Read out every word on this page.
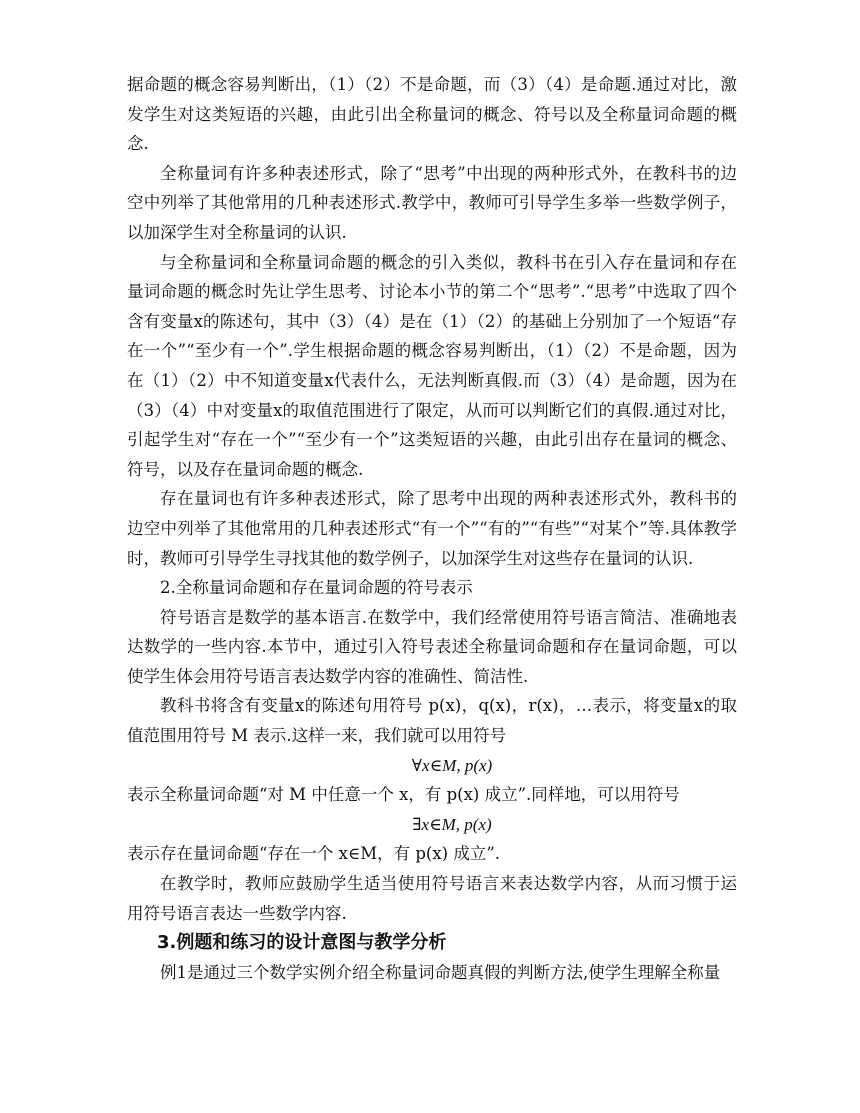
据命题的概念容易判断出，（1）（2）不是命题，而（3）（4）是命题.通过对比，激发学生对这类短语的兴趣，由此引出全称量词的概念、符号以及全称量词命题的概念.

全称量词有许多种表述形式，除了“思考”中出现的两种形式外，在教科书的边空中列举了其他常用的几种表述形式.教学中，教师可引导学生多举一些数学例子，以加深学生对全称量词的认识.

与全称量词和全称量词命题的概念的引入类似，教科书在引入存在量词和存在量词命题的概念时先让学生思考、讨论本小节的第二个“思考”.“思考”中选取了四个含有变量x的陈述句，其中（3）（4）是在（1）（2）的基础上分别加了一个短语“存在一个”“至少有一个”.学生根据命题的概念容易判断出，（1）（2）不是命题，因为在（1）（2）中不知道变量x代表什么，无法判断真假.而（3）（4）是命题，因为在（3）（4）中对变量x的取值范围进行了限定，从而可以判断它们的真假.通过对比，引起学生对“存在一个”“至少有一个”这类短语的兴趣，由此引出存在量词的概念、符号，以及存在量词命题的概念.

存在量词也有许多种表述形式，除了思考中出现的两种表述形式外，教科书的边空中列举了其他常用的几种表述形式“有一个”“有的”“有些”“对某个”等.具体教学时，教师可引导学生寻找其他的数学例子，以加深学生对这些存在量词的认识.

2.全称量词命题和存在量词命题的符号表示

符号语言是数学的基本语言.在数学中，我们经常使用符号语言简洁、准确地表达数学的一些内容.本节中，通过引入符号表述全称量词命题和存在量词命题，可以使学生体会用符号语言表达数学内容的准确性、简洁性.

教科书将含有变量x的陈述句用符号 p(x)，q(x)，r(x)，…表示，将变量x的取值范围用符号 M 表示.这样一来，我们就可以用符号

∀x∈M, p(x)

表示全称量词命题“对 M 中任意一个 x，有 p(x) 成立”.同样地，可以用符号

∃x∈M, p(x)

表示存在量词命题“存在一个 x∈M，有 p(x) 成立”.

在教学时，教师应鼓励学生适当使用符号语言来表达数学内容，从而习惯于运用符号语言表达一些数学内容.

3.例题和练习的设计意图与教学分析

例1是通过三个数学实例介绍全称量词命题真假的判断方法,使学生理解全称量
